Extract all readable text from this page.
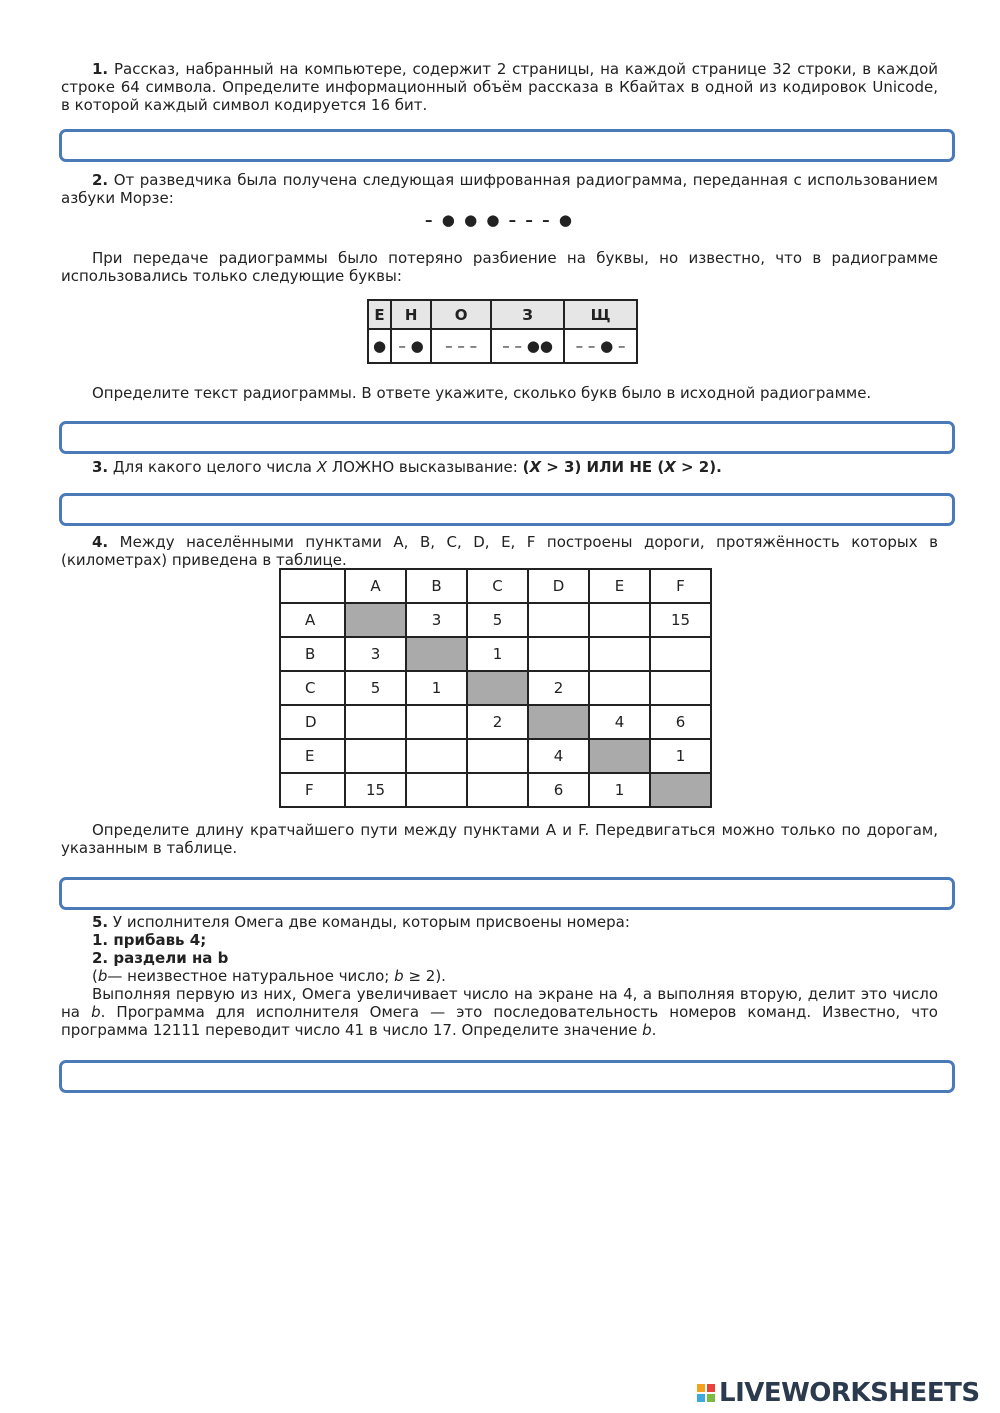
1. Рассказ, набранный на компьютере, содержит 2 страницы, на каждой странице 32 строки, в каждой строке 64 символа. Определите информационный объём рассказа в Кбайтах в одной из кодировок Unicode, в которой каждый символ кодируется 16 бит.

2. От разведчика была получена следующая шифрованная радиограмма, переданная с использованием азбуки Морзе:

– ● ● ● – – – ●

При передаче радиограммы было потеряно разбиение на буквы, но известно, что в радиограмме использовались только следующие буквы:

Е	Н	О	З	Щ
●	– ●	– – –	– – ●●	– – ● –

Определите текст радиограммы. В ответе укажите, сколько букв было в исходной радиограмме.

3. Для какого целого числа X ЛОЖНО высказывание: (X > 3) ИЛИ НЕ (X > 2).

4. Между населёнными пунктами A, B, C, D, E, F построены дороги, протяжённость которых в (километрах) приведена в таблице.

Определите длину кратчайшего пути между пунктами A и F. Передвигаться можно только по дорогам, указанным в таблице.

5. У исполнителя Омега две команды, которым присвоены номера:

1. прибавь 4;

2. раздели на b

(b— неизвестное натуральное число; b ≥ 2).

Выполняя первую из них, Омега увеличивает число на экране на 4, а выполняя вторую, делит это число на b. Программа для исполнителя Омега — это последовательность номеров команд. Известно, что программа 12111 переводит число 41 в число 17. Определите значение b.

	A	B	C	D	E	F
A		3	5			15
B	3		1			
C	5	1		2		
D			2		4	6
E				4		1
F	15			6	1	
LIVEWORKSHEETS
